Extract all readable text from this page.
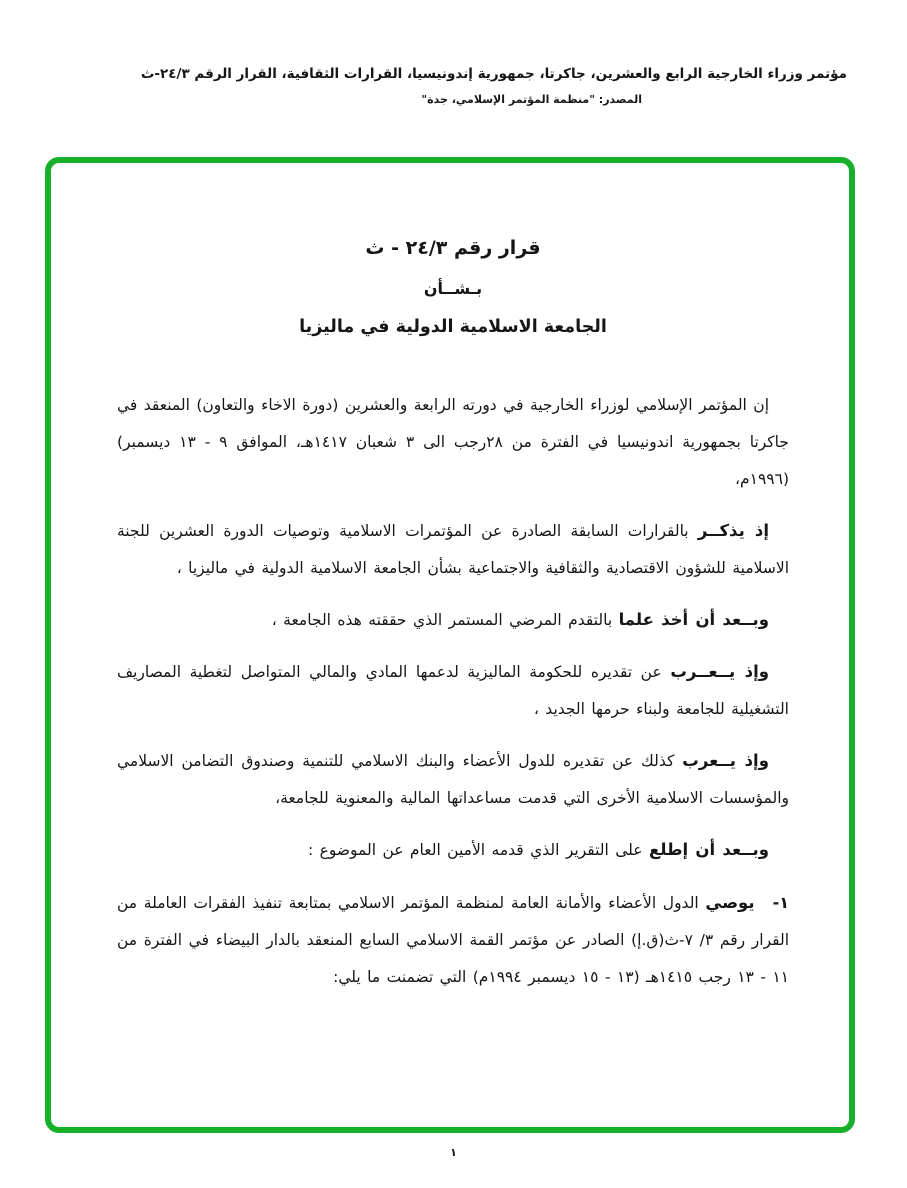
مؤتمر وزراء الخارجية الرابع والعشرين، جاكرتا، جمهورية إندونيسيا، القرارات الثقافية، القرار الرقم ٢٤/٣-ث
المصدر: "منظمة المؤتمر الإسلامي، جدة"
قرار رقم ٢٤/٣ - ث
بـشــأن
الجامعة الاسلامية الدولية في ماليزيا
إن المؤتمر الإسلامي لوزراء الخارجية في دورته الرابعة والعشرين (دورة الاخاء والتعاون) المنعقد في جاكرتا بجمهورية اندونيسيا في الفترة من ٢٨رجب الى ٣ شعبان ١٤١٧هـ، الموافق ⁦(٩ - ١٣ ديسمبر ١٩٩٦م)⁩،
إذ يذكــر بالقرارات السابقة الصادرة عن المؤتمرات الاسلامية وتوصيات الدورة العشرين للجنة الاسلامية للشؤون الاقتصادية والثقافية والاجتماعية بشأن الجامعة الاسلامية الدولية في ماليزيا ،
وبــعد أن أخذ علما بالتقدم المرضي المستمر الذي حققته هذه الجامعة ،
وإذ يــعــرب عن تقديره للحكومة الماليزية لدعمها المادي والمالي المتواصل لتغطية المصاريف التشغيلية للجامعة ولبناء حرمها الجديد ،
وإذ يــعرب كذلك عن تقديره للدول الأعضاء والبنك الاسلامي للتنمية وصندوق التضامن الاسلامي والمؤسسات الاسلامية الأخرى التي قدمت مساعداتها المالية والمعنوية للجامعة،
وبــعد أن إطلع على التقرير الذي قدمه الأمين العام عن الموضوع :
١-يوصي الدول الأعضاء والأمانة العامة لمنظمة المؤتمر الاسلامي بمتابعة تنفيذ الفقرات العاملة من القرار رقم ⁦٣/ ٧-ث(ق.إ)⁩ الصادر عن مؤتمر القمة الاسلامي السابع المنعقد بالدار البيضاء في الفترة من ١١ - ١٣ رجب ١٤١٥هـ ⁦(١٣ - ١٥ ديسمبر ١٩٩٤م)⁩ التي تضمنت ما يلي:
١
